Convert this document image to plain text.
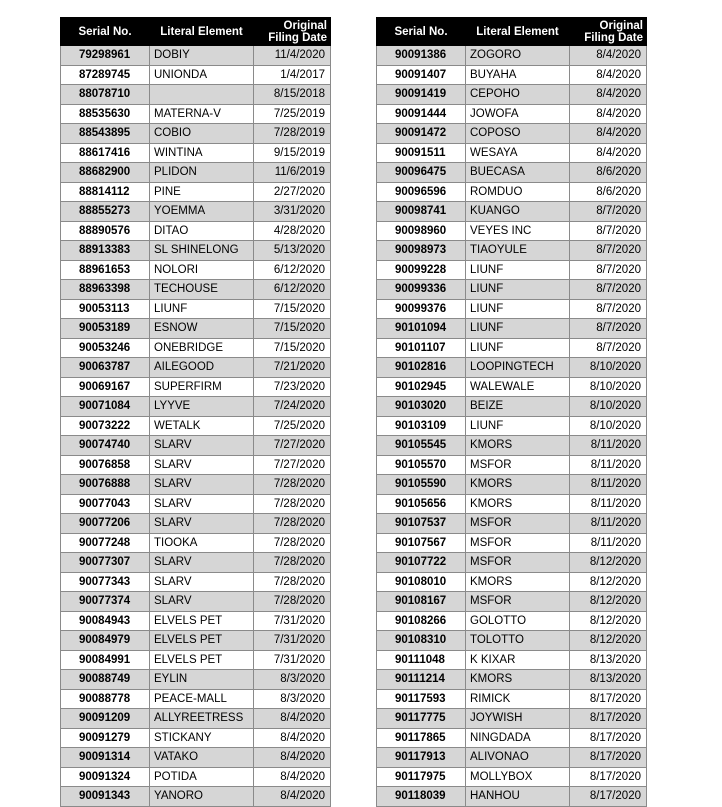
Serial No.	Literal Element	Original
Filing Date
79298961	DOBIY	11/4/2020
87289745	UNIONDA	1/4/2017
88078710		8/15/2018
88535630	MATERNA-V	7/25/2019
88543895	COBIO	7/28/2019
88617416	WINTINA	9/15/2019
88682900	PLIDON	11/6/2019
88814112	PINE	2/27/2020
88855273	YOEMMA	3/31/2020
88890576	DITAO	4/28/2020
88913383	SL SHINELONG	5/13/2020
88961653	NOLORI	6/12/2020
88963398	TECHOUSE	6/12/2020
90053113	LIUNF	7/15/2020
90053189	ESNOW	7/15/2020
90053246	ONEBRIDGE	7/15/2020
90063787	AILEGOOD	7/21/2020
90069167	SUPERFIRM	7/23/2020
90071084	LYYVE	7/24/2020
90073222	WETALK	7/25/2020
90074740	SLARV	7/27/2020
90076858	SLARV	7/27/2020
90076888	SLARV	7/28/2020
90077043	SLARV	7/28/2020
90077206	SLARV	7/28/2020
90077248	TIOOKA	7/28/2020
90077307	SLARV	7/28/2020
90077343	SLARV	7/28/2020
90077374	SLARV	7/28/2020
90084943	ELVELS PET	7/31/2020
90084979	ELVELS PET	7/31/2020
90084991	ELVELS PET	7/31/2020
90088749	EYLIN	8/3/2020
90088778	PEACE-MALL	8/3/2020
90091209	ALLYREETRESS	8/4/2020
90091279	STICKANY	8/4/2020
90091314	VATAKO	8/4/2020
90091324	POTIDA	8/4/2020
90091343	YANORO	8/4/2020
Serial No.	Literal Element	Original
Filing Date
90091386	ZOGORO	8/4/2020
90091407	BUYAHA	8/4/2020
90091419	CEPOHO	8/4/2020
90091444	JOWOFA	8/4/2020
90091472	COPOSO	8/4/2020
90091511	WESAYA	8/4/2020
90096475	BUECASA	8/6/2020
90096596	ROMDUO	8/6/2020
90098741	KUANGO	8/7/2020
90098960	VEYES INC	8/7/2020
90098973	TIAOYULE	8/7/2020
90099228	LIUNF	8/7/2020
90099336	LIUNF	8/7/2020
90099376	LIUNF	8/7/2020
90101094	LIUNF	8/7/2020
90101107	LIUNF	8/7/2020
90102816	LOOPINGTECH	8/10/2020
90102945	WALEWALE	8/10/2020
90103020	BEIZE	8/10/2020
90103109	LIUNF	8/10/2020
90105545	KMORS	8/11/2020
90105570	MSFOR	8/11/2020
90105590	KMORS	8/11/2020
90105656	KMORS	8/11/2020
90107537	MSFOR	8/11/2020
90107567	MSFOR	8/11/2020
90107722	MSFOR	8/12/2020
90108010	KMORS	8/12/2020
90108167	MSFOR	8/12/2020
90108266	GOLOTTO	8/12/2020
90108310	TOLOTTO	8/12/2020
90111048	K KIXAR	8/13/2020
90111214	KMORS	8/13/2020
90117593	RIMICK	8/17/2020
90117775	JOYWISH	8/17/2020
90117865	NINGDADA	8/17/2020
90117913	ALIVONAO	8/17/2020
90117975	MOLLYBOX	8/17/2020
90118039	HANHOU	8/17/2020
